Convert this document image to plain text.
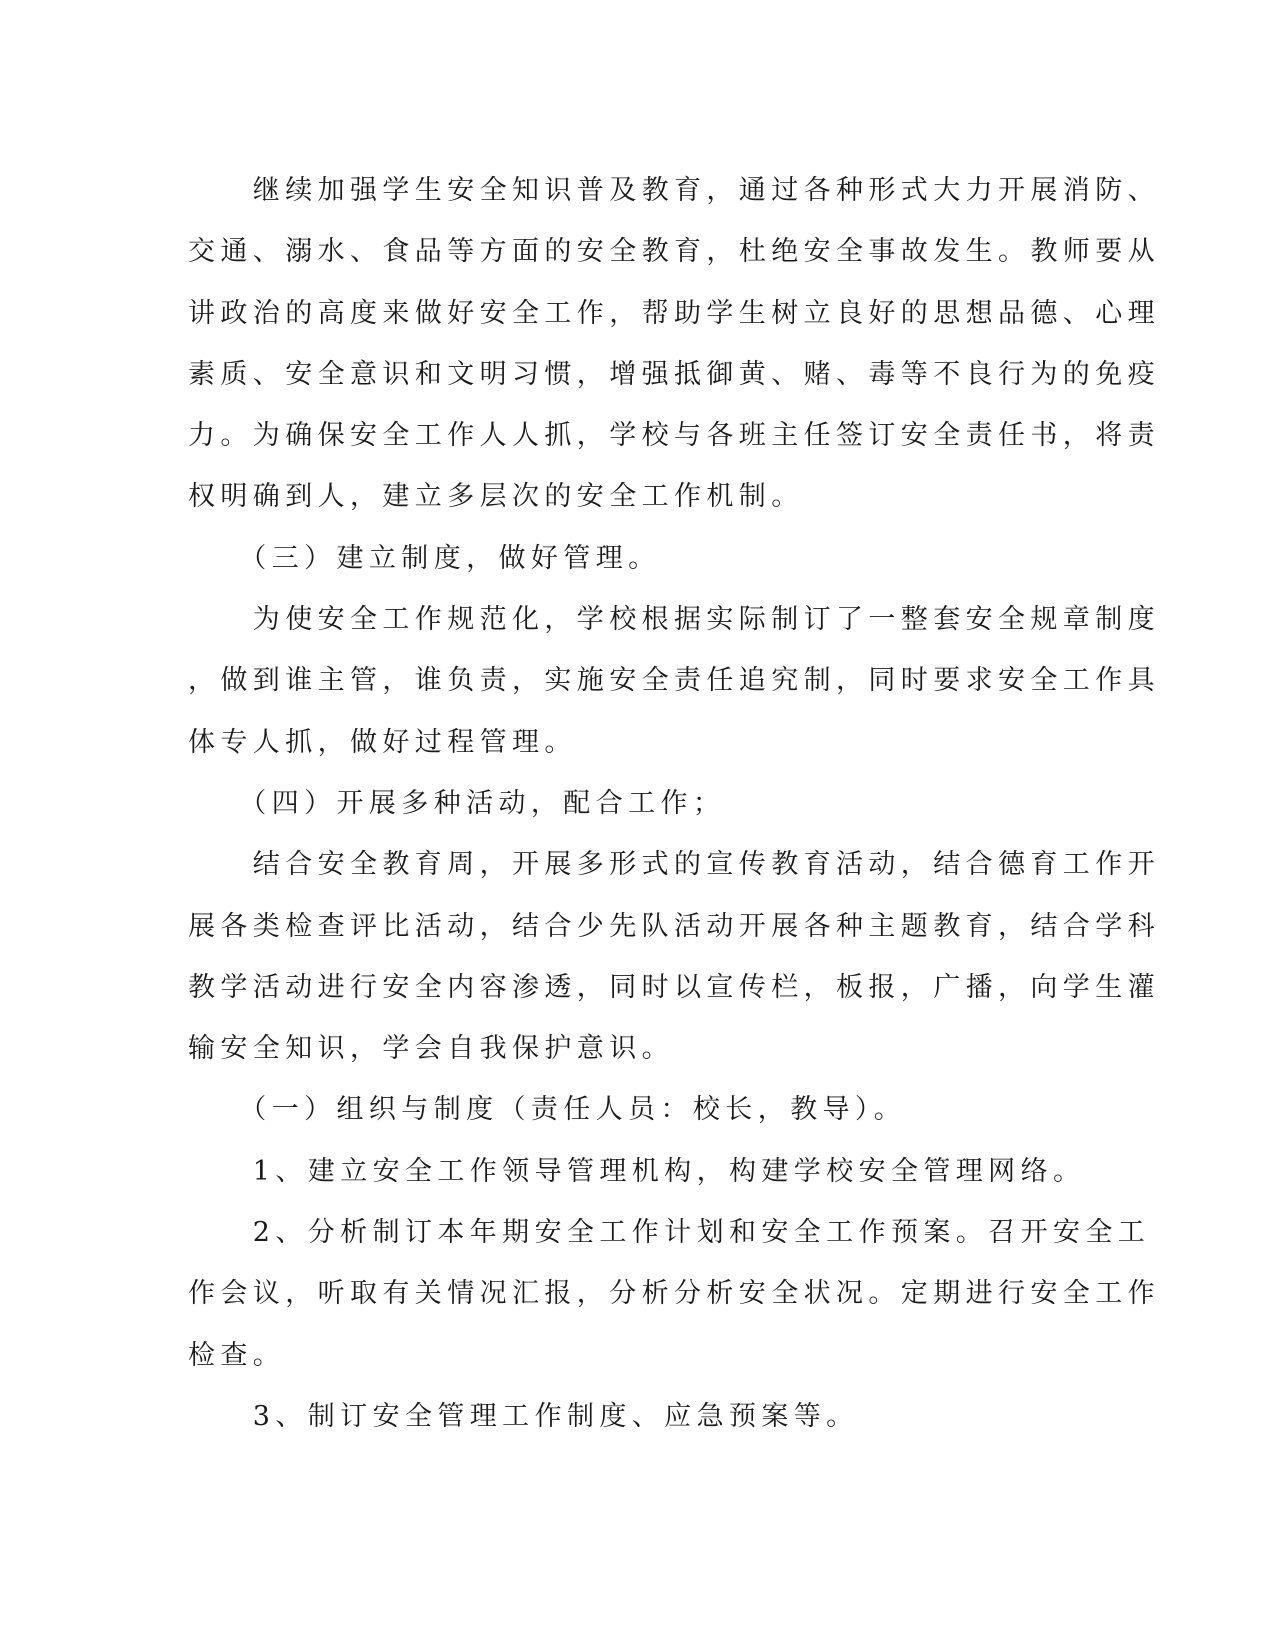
　　继续加强学生安全知识普及教育，通过各种形式大力开展消防、
交通、溺水、食品等方面的安全教育，杜绝安全事故发生。教师要从
讲政治的高度来做好安全工作，帮助学生树立良好的思想品德、心理
素质、安全意识和文明习惯，增强抵御黄、赌、毒等不良行为的免疫
力。为确保安全工作人人抓，学校与各班主任签订安全责任书，将责
权明确到人，建立多层次的安全工作机制。
　　（三）建立制度，做好管理。
　　为使安全工作规范化，学校根据实际制订了一整套安全规章制度
，做到谁主管，谁负责，实施安全责任追究制，同时要求安全工作具
体专人抓，做好过程管理。
　　（四）开展多种活动，配合工作；
　　结合安全教育周，开展多形式的宣传教育活动，结合德育工作开
展各类检查评比活动，结合少先队活动开展各种主题教育，结合学科
教学活动进行安全内容渗透，同时以宣传栏，板报，广播，向学生灌
输安全知识，学会自我保护意识。
　　（一）组织与制度（责任人员：校长，教导）。
　　1、建立安全工作领导管理机构，构建学校安全管理网络。
　　2、分析制订本年期安全工作计划和安全工作预案。召开安全工
作会议，听取有关情况汇报，分析分析安全状况。定期进行安全工作
检查。
　　3、制订安全管理工作制度、应急预案等。
